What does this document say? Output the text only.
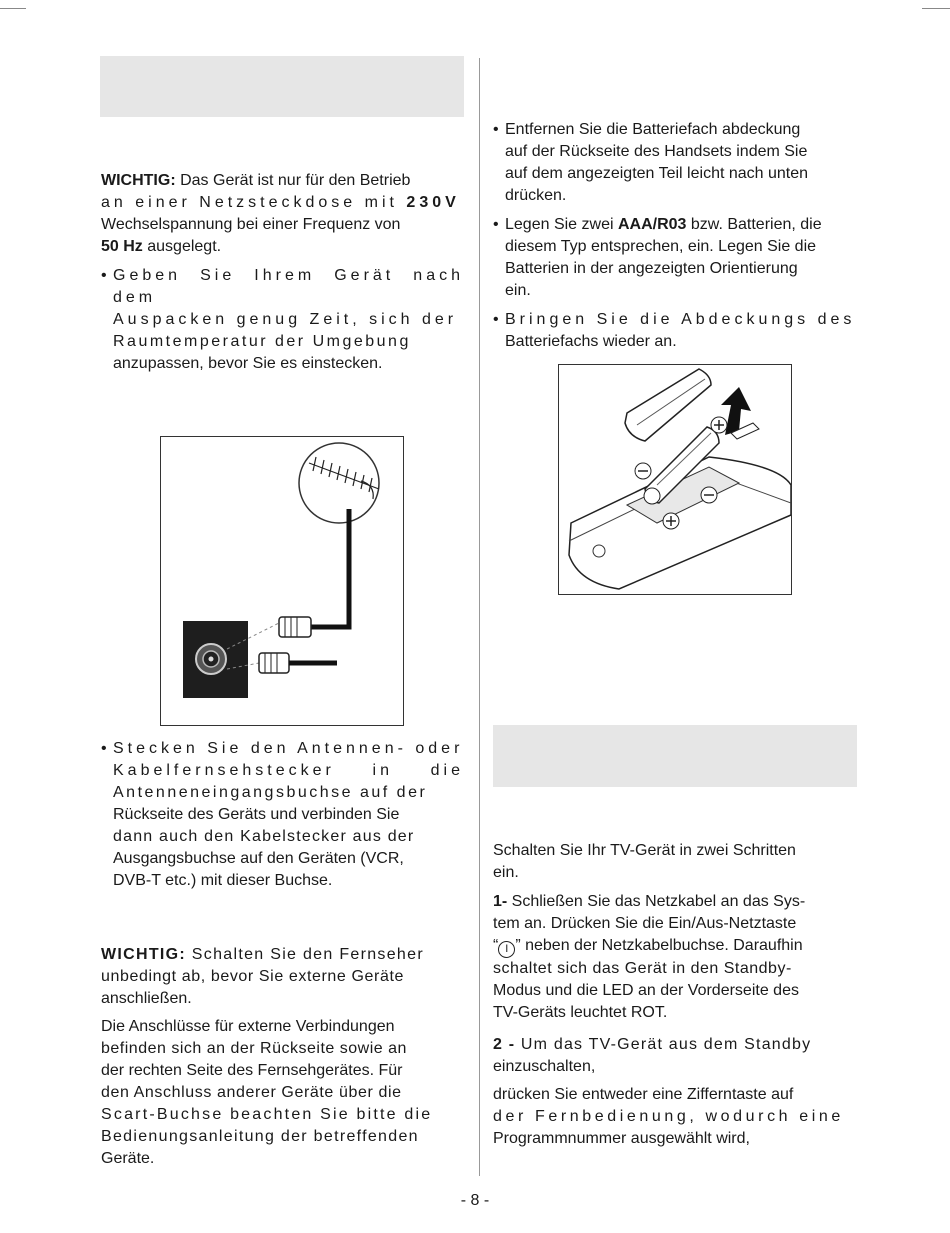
WICHTIG: Das Gerät ist nur für den Betrieb

an einer Netzsteckdose mit 230V

Wechselspannung bei einer Frequenz von

50 Hz ausgelegt.

• Geben Sie Ihrem Gerät nach dem

Auspacken genug Zeit, sich der

Raumtemperatur der Umgebung

anzupassen, bevor Sie es einstecken.

• Stecken Sie den Antennen- oder

Kabelfernsehstecker in die

Antenneneingangsbuchse auf der

Rückseite des Geräts und verbinden Sie

dann auch den Kabelstecker aus der

Ausgangsbuchse auf den Geräten (VCR,

DVB-T etc.) mit dieser Buchse.

WICHTIG: Schalten Sie den Fernseher

unbedingt ab, bevor Sie externe Geräte

anschließen.

Die Anschlüsse für externe Verbindungen

befinden sich an der Rückseite sowie an

der rechten Seite des Fernsehgerätes. Für

den Anschluss anderer Geräte über die

Scart-Buchse beachten Sie bitte die

Bedienungsanleitung der betreffenden

Geräte.

• Entfernen Sie die Batteriefach abdeckung

auf der Rückseite des Handsets indem Sie

auf dem angezeigten Teil leicht nach unten

drücken.

• Legen Sie zwei AAA/R03 bzw. Batterien, die

diesem Typ entsprechen, ein. Legen Sie die

Batterien in der angezeigten Orientierung

ein.

• Bringen Sie die Abdeckungs des

Batteriefachs wieder an.

Schalten Sie Ihr TV-Gerät in zwei Schritten

ein.

1- Schließen Sie das Netzkabel an das Sys-

tem an. Drücken Sie die Ein/Aus-Netztaste

“ I ” neben der Netzkabelbuchse. Daraufhin

schaltet sich das Gerät in den Standby-

Modus und die LED an der Vorderseite des

TV-Geräts leuchtet ROT.

2 - Um das TV-Gerät aus dem Standby

einzuschalten,

drücken Sie entweder eine Zifferntaste auf

der Fernbedienung, wodurch eine

Programmnummer ausgewählt wird,

- 8 -
